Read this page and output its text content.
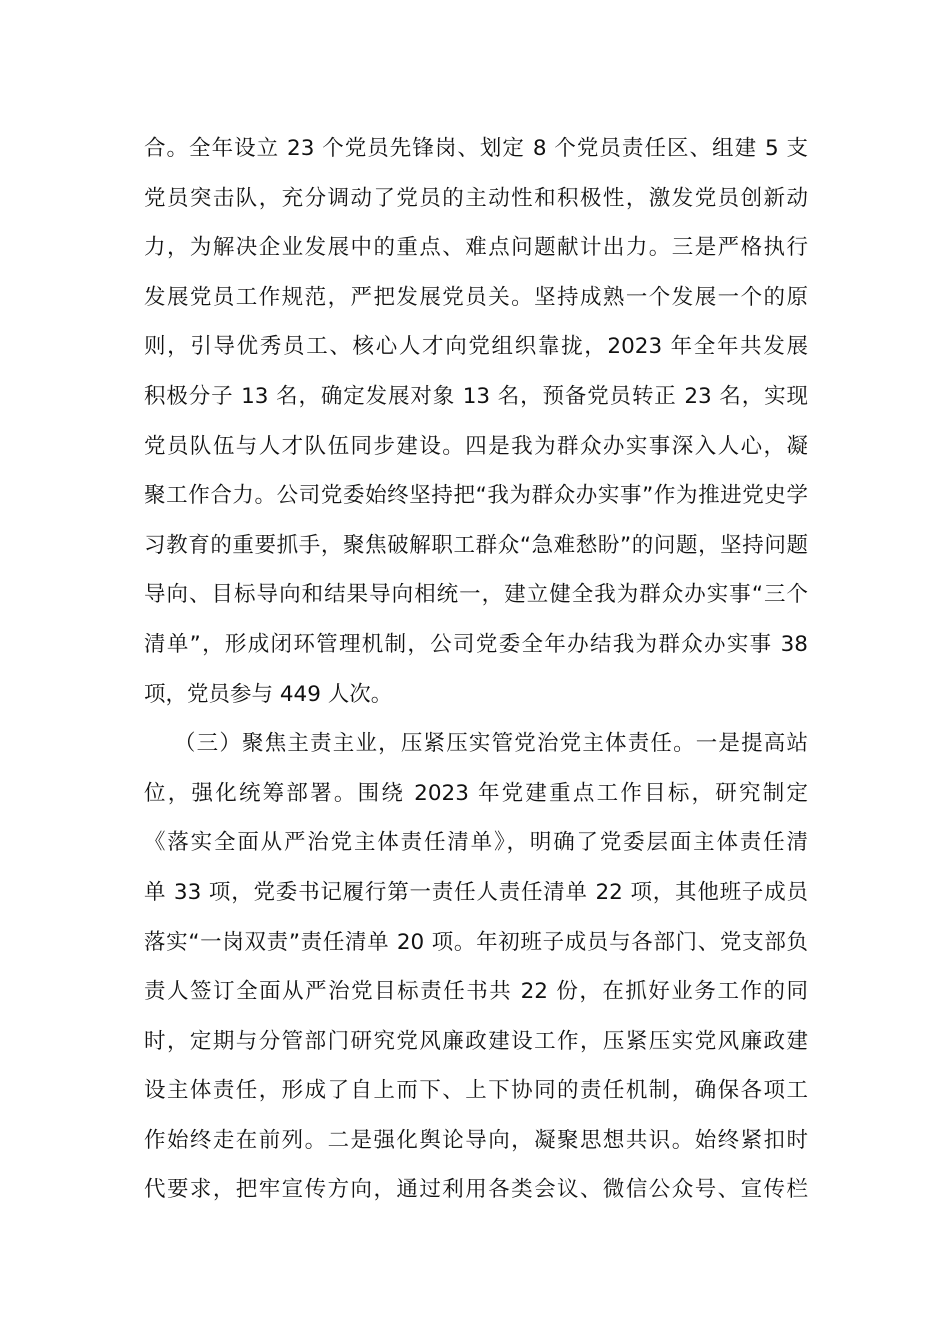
合。全年设立 23 个党员先锋岗、划定 8 个党员责任区、组建 5 支
党员突击队，充分调动了党员的主动性和积极性，激发党员创新动
力，为解决企业发展中的重点、难点问题献计出力。三是严格执行
发展党员工作规范，严把发展党员关。坚持成熟一个发展一个的原
则，引导优秀员工、核心人才向党组织靠拢，2023 年全年共发展
积极分子 13 名，确定发展对象 13 名，预备党员转正 23 名，实现
党员队伍与人才队伍同步建设。四是我为群众办实事深入人心，凝
聚工作合力。公司党委始终坚持把“我为群众办实事”作为推进党史学
习教育的重要抓手，聚焦破解职工群众“急难愁盼”的问题，坚持问题
导向、目标导向和结果导向相统一，建立健全我为群众办实事“三个
清单”，形成闭环管理机制，公司党委全年办结我为群众办实事 38
项，党员参与 449 人次。
（三）聚焦主责主业，压紧压实管党治党主体责任。一是提高站
位，强化统筹部署。围绕 2023 年党建重点工作目标，研究制定
《落实全面从严治党主体责任清单》，明确了党委层面主体责任清
单 33 项，党委书记履行第一责任人责任清单 22 项，其他班子成员
落实“一岗双责”责任清单 20 项。年初班子成员与各部门、党支部负
责人签订全面从严治党目标责任书共 22 份，在抓好业务工作的同
时，定期与分管部门研究党风廉政建设工作，压紧压实党风廉政建
设主体责任，形成了自上而下、上下协同的责任机制，确保各项工
作始终走在前列。二是强化舆论导向，凝聚思想共识。始终紧扣时
代要求，把牢宣传方向，通过利用各类会议、微信公众号、宣传栏
